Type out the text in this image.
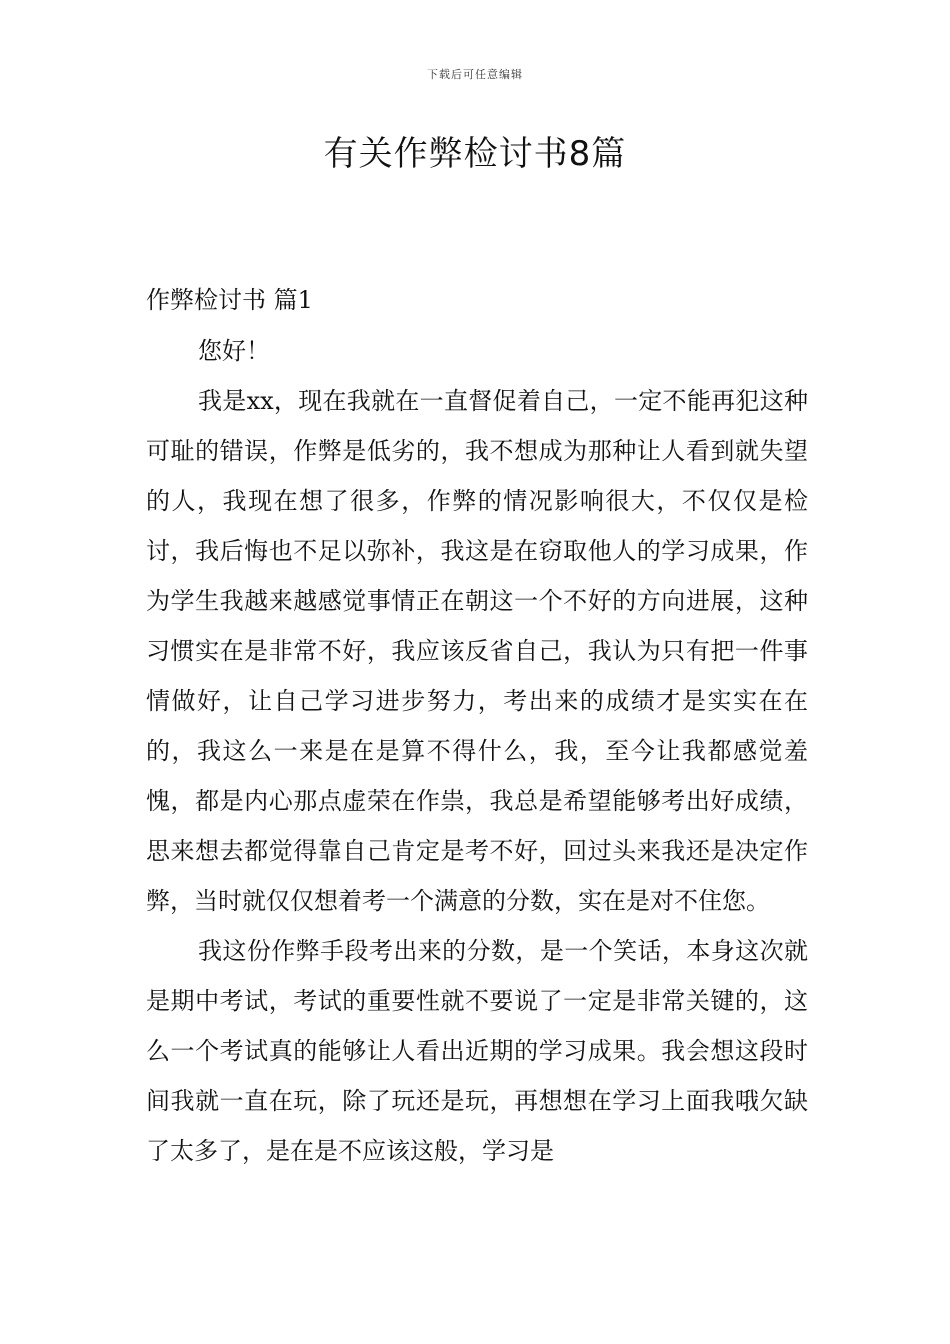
下载后可任意编辑
有关作弊检讨书8篇
作弊检讨书 篇1

您好！

我是xx，现在我就在一直督促着自己，一定不能再犯这种可耻的错误，作弊是低劣的，我不想成为那种让人看到就失望的人，我现在想了很多，作弊的情况影响很大，不仅仅是检讨，我后悔也不足以弥补，我这是在窃取他人的学习成果，作为学生我越来越感觉事情正在朝这一个不好的方向进展，这种习惯实在是非常不好，我应该反省自己，我认为只有把一件事情做好，让自己学习进步努力，考出来的成绩才是实实在在的，我这么一来是在是算不得什么，我，至今让我都感觉羞愧，都是内心那点虚荣在作祟，我总是希望能够考出好成绩，思来想去都觉得靠自己肯定是考不好，回过头来我还是决定作弊，当时就仅仅想着考一个满意的分数，实在是对不住您。

我这份作弊手段考出来的分数，是一个笑话，本身这次就是期中考试，考试的重要性就不要说了一定是非常关键的，这么一个考试真的能够让人看出近期的学习成果。我会想这段时间我就一直在玩，除了玩还是玩，再想想在学习上面我哦欠缺了太多了，是在是不应该这般，学习是
